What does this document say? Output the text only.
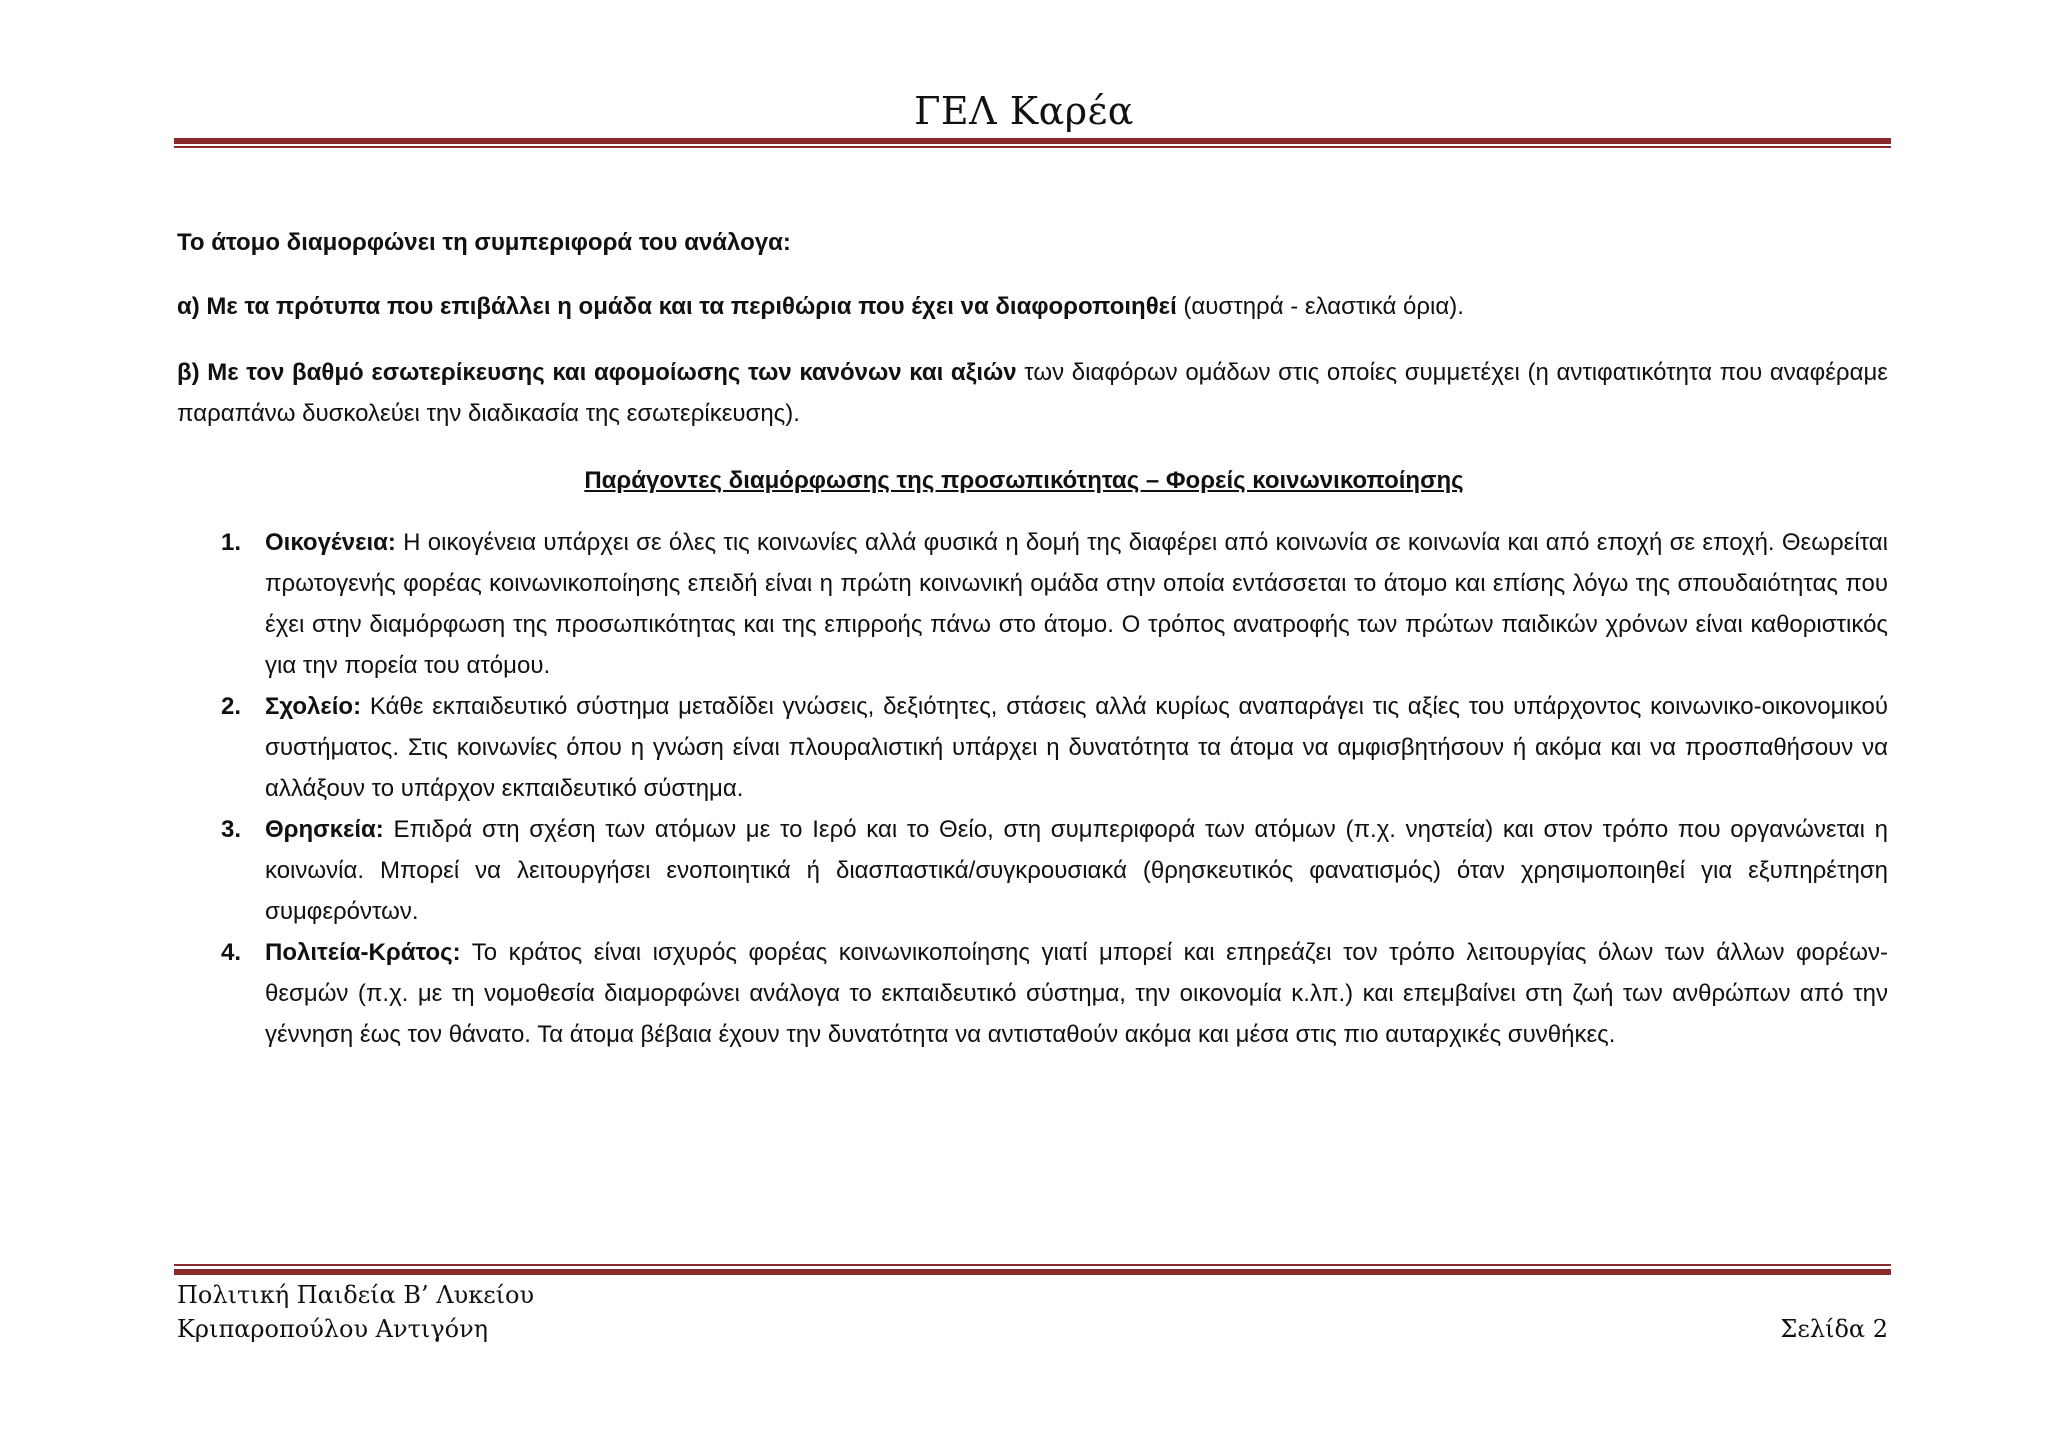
ΓΕΛ Καρέα
Το άτομο διαμορφώνει τη συμπεριφορά του ανάλογα:

α) Με τα πρότυπα που επιβάλλει η ομάδα και τα περιθώρια που έχει να διαφοροποιηθεί (αυστηρά - ελαστικά όρια).

β) Με τον βαθμό εσωτερίκευσης και αφομοίωσης των κανόνων και αξιών των διαφόρων ομάδων στις οποίες συμμετέχει (η αντιφατικότητα που αναφέραμε παραπάνω δυσκολεύει την διαδικασία της εσωτερίκευσης).

Παράγοντες διαμόρφωσης της προσωπικότητας – Φορείς κοινωνικοποίησης
1. Οικογένεια: Η οικογένεια υπάρχει σε όλες τις κοινωνίες αλλά φυσικά η δομή της διαφέρει από κοινωνία σε κοινωνία και από εποχή σε εποχή. Θεωρείται πρωτογενής φορέας κοινωνικοποίησης επειδή είναι η πρώτη κοινωνική ομάδα στην οποία εντάσσεται το άτομο και επίσης λόγω της σπουδαιότητας που έχει στην διαμόρφωση της προσωπικότητας και της επιρροής πάνω στο άτομο. Ο τρόπος ανατροφής των πρώτων παιδικών χρόνων είναι καθοριστικός για την πορεία του ατόμου.
2. Σχολείο: Κάθε εκπαιδευτικό σύστημα μεταδίδει γνώσεις, δεξιότητες, στάσεις αλλά κυρίως αναπαράγει τις αξίες του υπάρχοντος κοινωνικο-οικονομικού συστήματος. Στις κοινωνίες όπου η γνώση είναι πλουραλιστική υπάρχει η δυνατότητα τα άτομα να αμφισβητήσουν ή ακόμα και να προσπαθήσουν να αλλάξουν το υπάρχον εκπαιδευτικό σύστημα.
3. Θρησκεία: Επιδρά στη σχέση των ατόμων με το Ιερό και το Θείο, στη συμπεριφορά των ατόμων (π.χ. νηστεία) και στον τρόπο που οργανώνεται η κοινωνία. Μπορεί να λειτουργήσει ενοποιητικά ή διασπαστικά/συγκρουσιακά (θρησκευτικός φανατισμός) όταν χρησιμοποιηθεί για εξυπηρέτηση συμφερόντων.
4. Πολιτεία-Κράτος: Το κράτος είναι ισχυρός φορέας κοινωνικοποίησης γιατί μπορεί και επηρεάζει τον τρόπο λειτουργίας όλων των άλλων φορέων-θεσμών (π.χ. με τη νομοθεσία διαμορφώνει ανάλογα το εκπαιδευτικό σύστημα, την οικονομία κ.λπ.) και επεμβαίνει στη ζωή των ανθρώπων από την γέννηση έως τον θάνατο. Τα άτομα βέβαια έχουν την δυνατότητα να αντισταθούν ακόμα και μέσα στις πιο αυταρχικές συνθήκες.
Πολιτική Παιδεία Β’ Λυκείου
Κριπαροπούλου Αντιγόνη	Σελίδα 2
